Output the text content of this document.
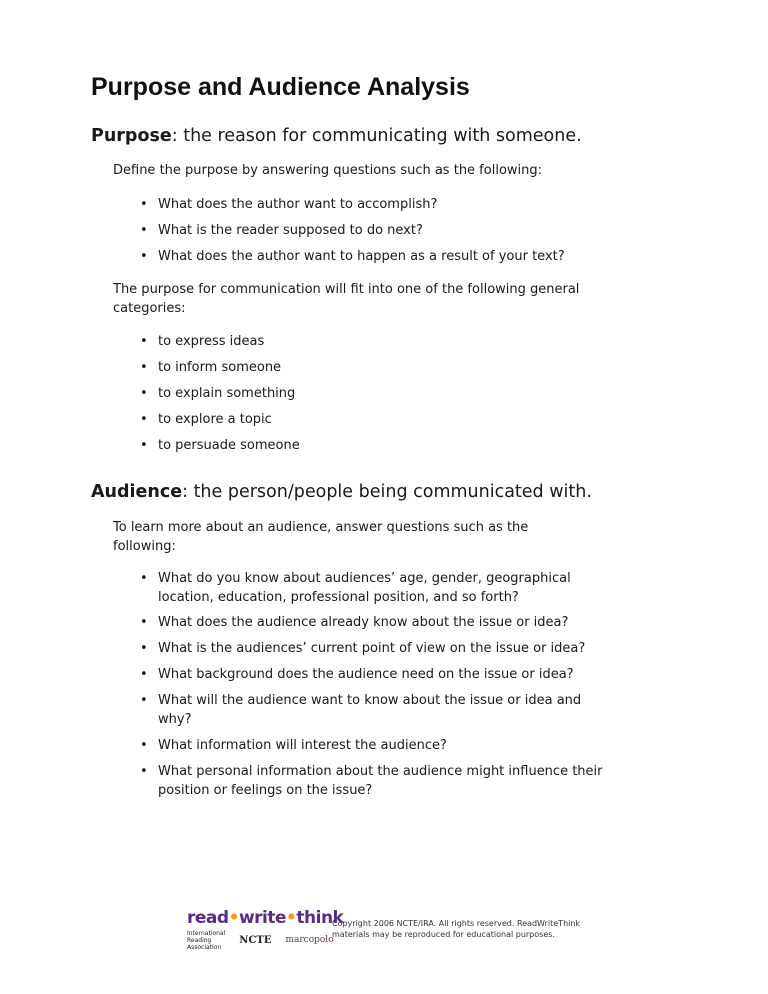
Purpose and Audience Analysis
Purpose: the reason for communicating with someone.
Define the purpose by answering questions such as the following:
• What does the author want to accomplish?
• What is the reader supposed to do next?
• What does the author want to happen as a result of your text?
The purpose for communication will fit into one of the following general
categories:
• to express ideas
• to inform someone
• to explain something
• to explore a topic
• to persuade someone
Audience: the person/people being communicated with.
To learn more about an audience, answer questions such as the
following:
• What do you know about audiences’ age, gender, geographical
location, education, professional position, and so forth?
• What does the audience already know about the issue or idea?
• What is the audiences’ current point of view on the issue or idea?
• What background does the audience need on the issue or idea?
• What will the audience want to know about the issue or idea and
why?
• What information will interest the audience?
• What personal information about the audience might influence their
position or feelings on the issue?
read•write•think
International Reading Association
NCTE marcopolo
Copyright 2006 NCTE/IRA. All rights reserved. ReadWriteThink
materials may be reproduced for educational purposes.
